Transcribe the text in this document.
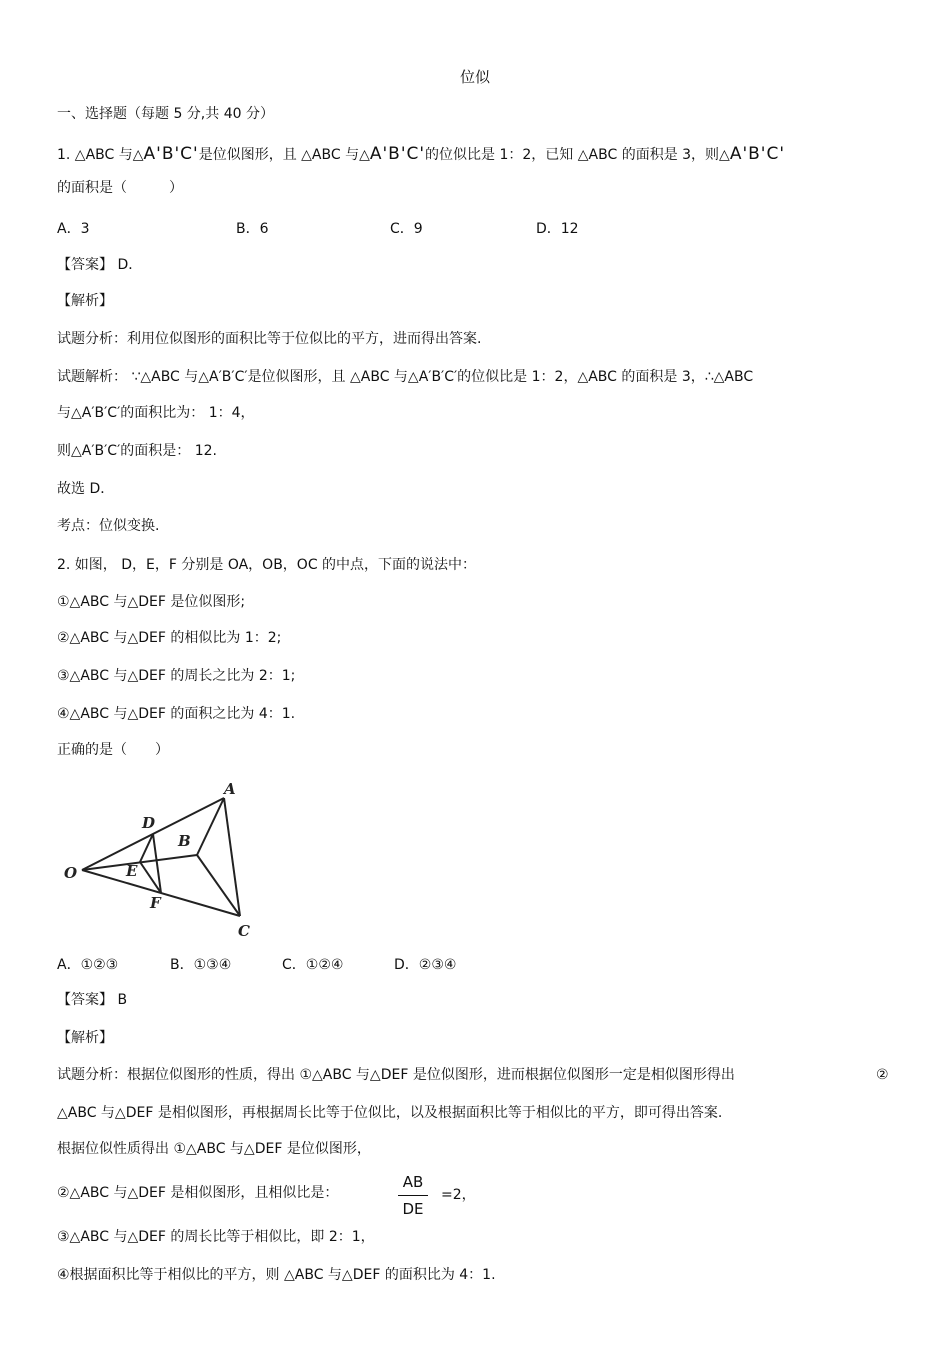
位似
一、选择题（每题 5 分,共 40 分）
1. △ABC 与△A'B'C'是位似图形，且 △ABC 与△A'B'C'的位似比是 1：2，已知 △ABC 的面积是 3，则△A'B'C'
的面积是（　　　）
A．3	B．6	C．9	D．12
【答案】 D．
【解析】
试题分析：利用位似图形的面积比等于位似比的平方，进而得出答案.
试题解析： ∵△ABC 与△A′B′C′是位似图形，且 △ABC 与△A′B′C′的位似比是 1：2，△ABC 的面积是 3，∴△ABC
与△A′B′C′的面积比为： 1：4，
则△A′B′C′的面积是： 12.
故选 D．
考点：位似变换.
2. 如图， D，E，F 分别是 OA，OB，OC 的中点，下面的说法中：
①△ABC 与△DEF 是位似图形;
②△ABC 与△DEF 的相似比为 1：2;
③△ABC 与△DEF 的周长之比为 2：1;
④△ABC 与△DEF 的面积之比为 4：1.
正确的是（　　）
A
D
B
O	E
F
C
A．①②③	B．①③④	C．①②④	D．②③④
【答案】 B
【解析】
试题分析：根据位似图形的性质，得出 ①△ABC 与△DEF 是位似图形，进而根据位似图形一定是相似图形得出	②
△ABC 与△DEF 是相似图形，再根据周长比等于位似比，以及根据面积比等于相似比的平方，即可得出答案.
根据位似性质得出 ①△ABC 与△DEF 是位似图形，
②△ABC 与△DEF 是相似图形，且相似比是：
AB
DE
=2，
③△ABC 与△DEF 的周长比等于相似比，即 2：1，
④根据面积比等于相似比的平方，则 △ABC 与△DEF 的面积比为 4：1.
